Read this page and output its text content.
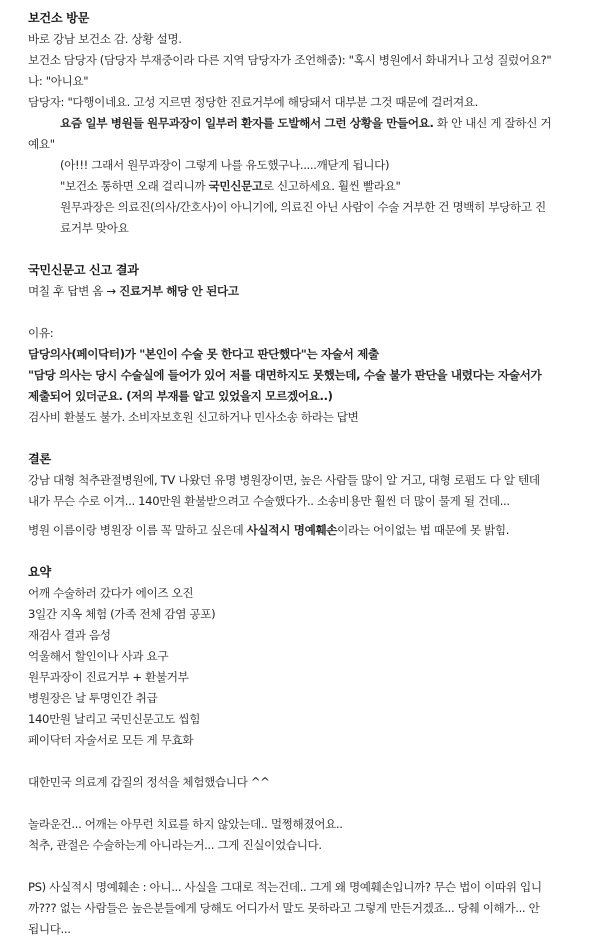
보건소 방문
바로 강남 보건소 감. 상황 설명.
보건소 담당자 (담당자 부재중이라 다른 지역 담당자가 조언해줌): "혹시 병원에서 화내거나 고성 질렀어요?"
나: "아니요"
담당자: "다행이네요. 고성 지르면 정당한 진료거부에 해당돼서 대부분 그것 때문에 걸러져요.
요즘 일부 병원들 원무과장이 일부러 환자를 도발해서 그런 상황을 만들어요. 화 안 내신 게 잘하신 거
예요"
(아!!! 그래서 원무과장이 그렇게 나를 유도했구나.....깨닫게 됩니다)
"보건소 통하면 오래 걸리니까 국민신문고로 신고하세요. 훨씬 빨라요"
원무과장은 의료진(의사/간호사)이 아니기에, 의료진 아닌 사람이 수술 거부한 건 명백히 부당하고 진
료거부 맞아요
국민신문고 신고 결과
며칠 후 답변 옴 → 진료거부 해당 안 된다고
이유:
담당의사(페이닥터)가 "본인이 수술 못 한다고 판단했다"는 자술서 제출
"담당 의사는 당시 수술실에 들어가 있어 저를 대면하지도 못했는데, 수술 불가 판단을 내렸다는 자술서가
제출되어 있더군요. (저의 부재를 알고 있었을지 모르겠어요..)
검사비 환불도 불가. 소비자보호원 신고하거나 민사소송 하라는 답변
결론
강남 대형 척추관절병원에, TV 나왔던 유명 병원장이면, 높은 사람들 많이 알 거고, 대형 로펌도 다 알 텐데
내가 무슨 수로 이겨... 140만원 환불받으려고 수술했다가.. 소송비용만 훨씬 더 많이 물게 될 건데...
병원 이름이랑 병원장 이름 꼭 말하고 싶은데 사실적시 명예훼손이라는 어이없는 법 때문에 못 밝힘.
요약
어깨 수술하러 갔다가 에이즈 오진
3일간 지옥 체험 (가족 전체 감염 공포)
재검사 결과 음성
억울해서 할인이나 사과 요구
원무과장이 진료거부 + 환불거부
병원장은 날 투명인간 취급
140만원 날리고 국민신문고도 씹힘
페이닥터 자술서로 모든 게 무효화
대한민국 의료계 갑질의 정석을 체험했습니다 ^^
놀라운건... 어깨는 아무런 치료를 하지 않았는데.. 멀쩡해졌어요..
척추, 관절은 수술하는게 아니라는거... 그게 진실이었습니다.
PS) 사실적시 명예훼손 : 아니... 사실을 그대로 적는건데.. 그게 왜 명예훼손입니까? 무슨 법이 이따위 입니
까??? 없는 사람들은 높은분들에게 당해도 어디가서 말도 못하라고 그렇게 만든거겠죠... 당췌 이해가... 안
됩니다...
